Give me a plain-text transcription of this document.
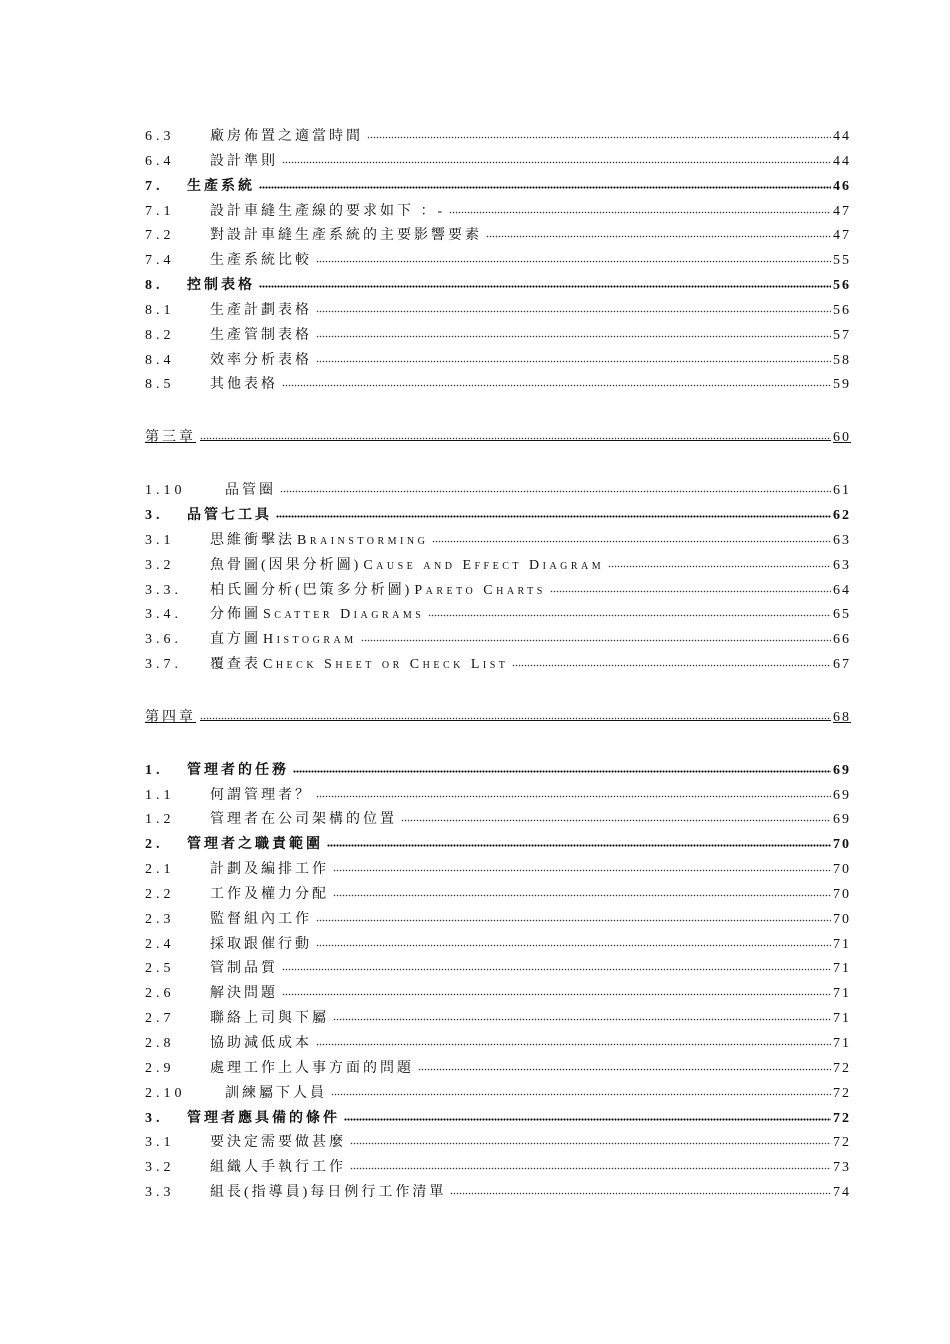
6.3	廠房佈置之適當時間	44
6.4	設計準則	44
7.	生產系統	46
7.1	設計車縫生產線的要求如下 ：-	47
7.2	對設計車縫生產系統的主要影響要素	47
7.4	生產系統比較	55
8.	控制表格	56
8.1	生產計劃表格	56
8.2	生產管制表格	57
8.4	效率分析表格	58
8.5	其他表格	59
第三章	60
1.10	品管圈	61
3.	品管七工具	62
3.1	思維衝擊法 Brainstorming	63
3.2	魚骨圖(因果分析圖) Cause and Effect Diagram	63
3.3.	柏氏圖分析(巴策多分析圖) Pareto Charts	64
3.4.	分佈圖 Scatter Diagrams	65
3.6.	直方圖 Histogram	66
3.7.	覆查表 Check Sheet or Check List	67
第四章	68
1.	管理者的任務	69
1.1	何謂管理者？	69
1.2	管理者在公司架構的位置	69
2.	管理者之職責範圍	70
2.1	計劃及編排工作	70
2.2	工作及權力分配	70
2.3	監督組內工作	70
2.4	採取跟催行動	71
2.5	管制品質	71
2.6	解決問題	71
2.7	聯絡上司與下屬	71
2.8	協助減低成本	71
2.9	處理工作上人事方面的問題	72
2.10	訓練屬下人員	72
3.	管理者應具備的條件	72
3.1	要決定需要做甚麼	72
3.2	組織人手執行工作	73
3.3	組長(指導員)每日例行工作清單	74
